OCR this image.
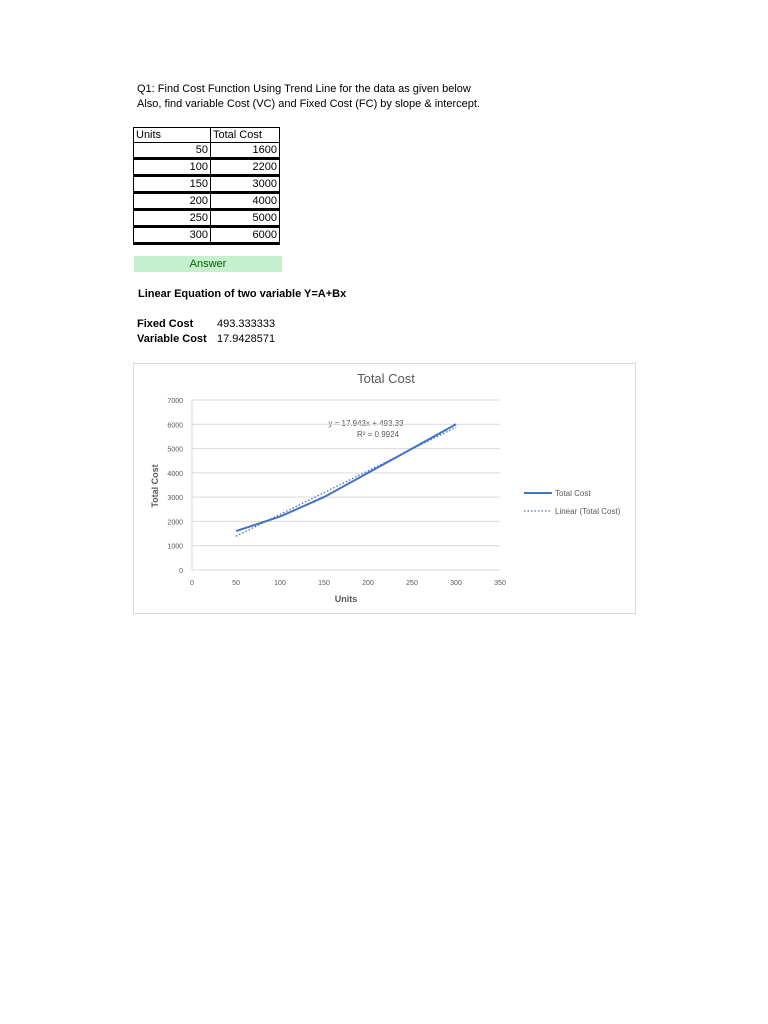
Q1: Find Cost Function Using Trend Line for the data as given below
Also, find variable Cost (VC) and Fixed Cost (FC) by slope & intercept.
Units	Total Cost
50	1600
100	2200
150	3000
200	4000
250	5000
300	6000
Answer
Linear Equation of two variable Y=A+Bx
Fixed Cost 493.333333
Variable Cost 17.9428571
Total Cost
Units
Total Cost
y = 17.943x + 493.33
R² = 0.9924
Total Cost
Linear (Total Cost)
0
1000
2000
3000
4000
5000
6000
7000
0	50	100	150	200	250	300	350
